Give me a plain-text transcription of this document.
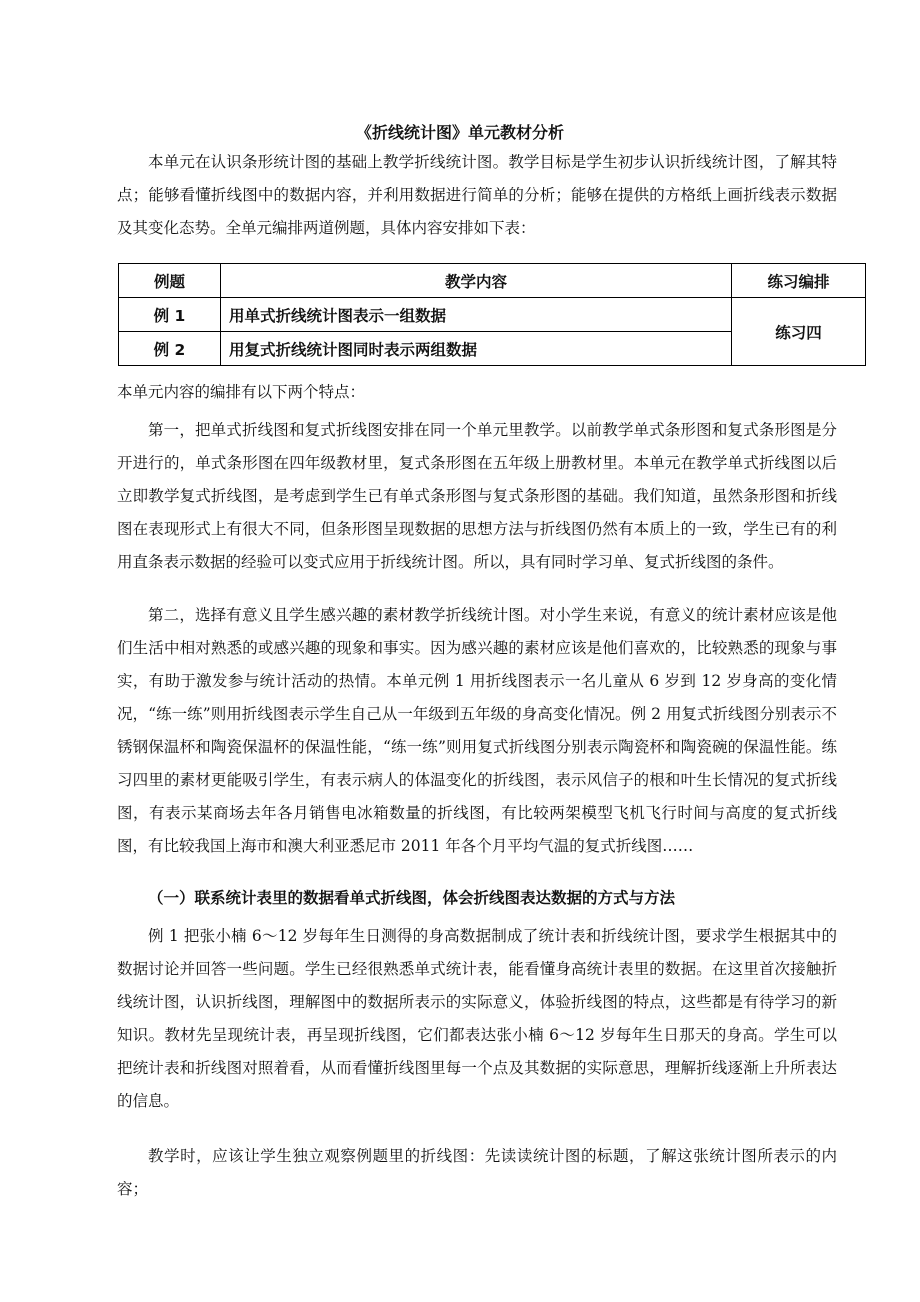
《折线统计图》单元教材分析

本单元在认识条形统计图的基础上教学折线统计图。教学目标是学生初步认识折线统计图，了解其特点；能够看懂折线图中的数据内容，并利用数据进行简单的分析；能够在提供的方格纸上画折线表示数据及其变化态势。全单元编排两道例题，具体内容安排如下表：

例题	教学内容	练习编排
例 1	用单式折线统计图表示一组数据	练习四
例 2	用复式折线统计图同时表示两组数据	

本单元内容的编排有以下两个特点：

第一，把单式折线图和复式折线图安排在同一个单元里教学。以前教学单式条形图和复式条形图是分开进行的，单式条形图在四年级教材里，复式条形图在五年级上册教材里。本单元在教学单式折线图以后立即教学复式折线图，是考虑到学生已有单式条形图与复式条形图的基础。我们知道，虽然条形图和折线图在表现形式上有很大不同，但条形图呈现数据的思想方法与折线图仍然有本质上的一致，学生已有的利用直条表示数据的经验可以变式应用于折线统计图。所以，具有同时学习单、复式折线图的条件。

第二，选择有意义且学生感兴趣的素材教学折线统计图。对小学生来说，有意义的统计素材应该是他们生活中相对熟悉的或感兴趣的现象和事实。因为感兴趣的素材应该是他们喜欢的，比较熟悉的现象与事实，有助于激发参与统计活动的热情。本单元例 1 用折线图表示一名儿童从 6 岁到 12 岁身高的变化情况，“练一练”则用折线图表示学生自己从一年级到五年级的身高变化情况。例 2 用复式折线图分别表示不锈钢保温杯和陶瓷保温杯的保温性能，“练一练”则用复式折线图分别表示陶瓷杯和陶瓷碗的保温性能。练习四里的素材更能吸引学生，有表示病人的体温变化的折线图，表示风信子的根和叶生长情况的复式折线图，有表示某商场去年各月销售电冰箱数量的折线图，有比较两架模型飞机飞行时间与高度的复式折线图，有比较我国上海市和澳大利亚悉尼市 2011 年各个月平均气温的复式折线图……

（一）联系统计表里的数据看单式折线图，体会折线图表达数据的方式与方法

例 1 把张小楠 6～12 岁每年生日测得的身高数据制成了统计表和折线统计图，要求学生根据其中的数据讨论并回答一些问题。学生已经很熟悉单式统计表，能看懂身高统计表里的数据。在这里首次接触折线统计图，认识折线图，理解图中的数据所表示的实际意义，体验折线图的特点，这些都是有待学习的新知识。教材先呈现统计表，再呈现折线图，它们都表达张小楠 6～12 岁每年生日那天的身高。学生可以把统计表和折线图对照着看，从而看懂折线图里每一个点及其数据的实际意思，理解折线逐渐上升所表达的信息。

教学时，应该让学生独立观察例题里的折线图：先读读统计图的标题，了解这张统计图所表示的内容；
